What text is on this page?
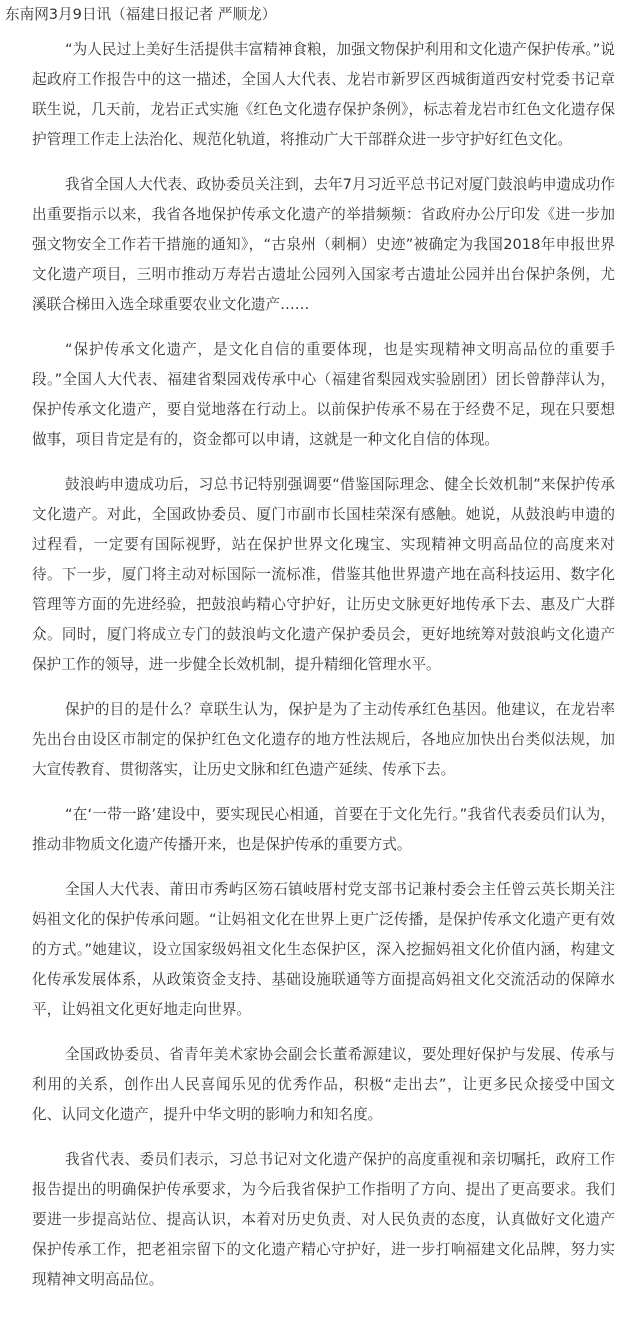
东南网3月9日讯（福建日报记者 严顺龙）

“为人民过上美好生活提供丰富精神食粮，加强文物保护利用和文化遗产保护传承。”说起政府工作报告中的这一描述，全国人大代表、龙岩市新罗区西城街道西安村党委书记章联生说，几天前，龙岩正式实施《红色文化遗存保护条例》，标志着龙岩市红色文化遗存保护管理工作走上法治化、规范化轨道，将推动广大干部群众进一步守护好红色文化。

我省全国人大代表、政协委员关注到，去年7月习近平总书记对厦门鼓浪屿申遗成功作出重要指示以来，我省各地保护传承文化遗产的举措频频：省政府办公厅印发《进一步加强文物安全工作若干措施的通知》，“古泉州（刺桐）史迹”被确定为我国2018年申报世界文化遗产项目，三明市推动万寿岩古遗址公园列入国家考古遗址公园并出台保护条例，尤溪联合梯田入选全球重要农业文化遗产……

“保护传承文化遗产，是文化自信的重要体现，也是实现精神文明高品位的重要手段。”全国人大代表、福建省梨园戏传承中心（福建省梨园戏实验剧团）团长曾静萍认为，保护传承文化遗产，要自觉地落在行动上。以前保护传承不易在于经费不足，现在只要想做事，项目肯定是有的，资金都可以申请，这就是一种文化自信的体现。

鼓浪屿申遗成功后，习总书记特别强调要“借鉴国际理念、健全长效机制”来保护传承文化遗产。对此，全国政协委员、厦门市副市长国桂荣深有感触。她说，从鼓浪屿申遗的过程看，一定要有国际视野，站在保护世界文化瑰宝、实现精神文明高品位的高度来对待。下一步，厦门将主动对标国际一流标准，借鉴其他世界遗产地在高科技运用、数字化管理等方面的先进经验，把鼓浪屿精心守护好，让历史文脉更好地传承下去、惠及广大群众。同时，厦门将成立专门的鼓浪屿文化遗产保护委员会，更好地统筹对鼓浪屿文化遗产保护工作的领导，进一步健全长效机制，提升精细化管理水平。

保护的目的是什么？章联生认为，保护是为了主动传承红色基因。他建议，在龙岩率先出台由设区市制定的保护红色文化遗存的地方性法规后，各地应加快出台类似法规，加大宣传教育、贯彻落实，让历史文脉和红色遗产延续、传承下去。

“在‘一带一路’建设中，要实现民心相通，首要在于文化先行。”我省代表委员们认为，推动非物质文化遗产传播开来，也是保护传承的重要方式。

全国人大代表、莆田市秀屿区笏石镇岐厝村党支部书记兼村委会主任曾云英长期关注妈祖文化的保护传承问题。“让妈祖文化在世界上更广泛传播，是保护传承文化遗产更有效的方式。”她建议，设立国家级妈祖文化生态保护区，深入挖掘妈祖文化价值内涵，构建文化传承发展体系，从政策资金支持、基础设施联通等方面提高妈祖文化交流活动的保障水平，让妈祖文化更好地走向世界。

全国政协委员、省青年美术家协会副会长董希源建议，要处理好保护与发展、传承与利用的关系，创作出人民喜闻乐见的优秀作品，积极“走出去”，让更多民众接受中国文化、认同文化遗产，提升中华文明的影响力和知名度。

我省代表、委员们表示，习总书记对文化遗产保护的高度重视和亲切嘱托，政府工作报告提出的明确保护传承要求，为今后我省保护工作指明了方向、提出了更高要求。我们要进一步提高站位、提高认识，本着对历史负责、对人民负责的态度，认真做好文化遗产保护传承工作，把老祖宗留下的文化遗产精心守护好，进一步打响福建文化品牌，努力实现精神文明高品位。
